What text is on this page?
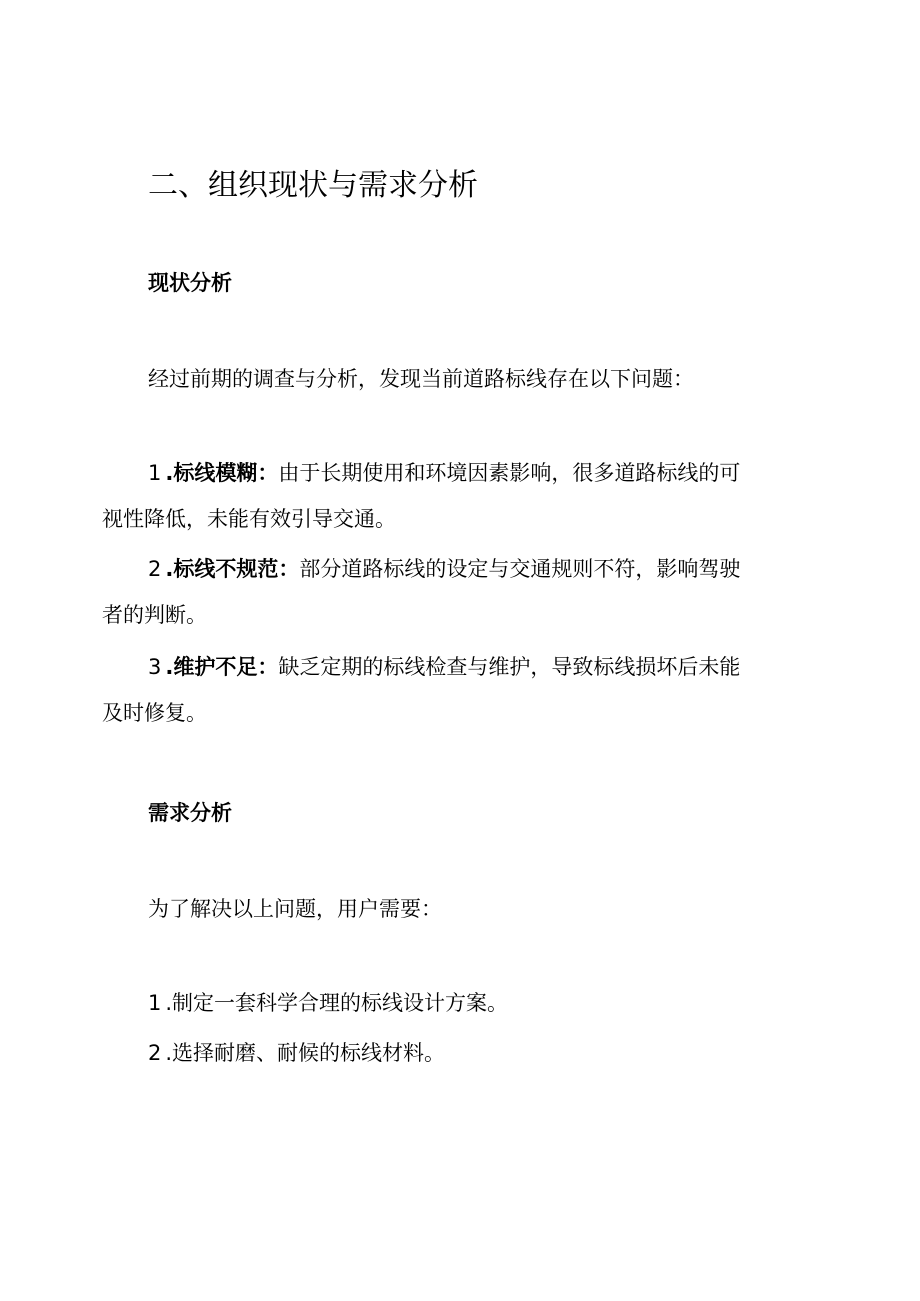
二、组织现状与需求分析
现状分析
经过前期的调查与分析，发现当前道路标线存在以下问题：
1 .标线模糊：由于长期使用和环境因素影响，很多道路标线的可
视性降低，未能有效引导交通。
2 .标线不规范：部分道路标线的设定与交通规则不符，影响驾驶
者的判断。
3 .维护不足：缺乏定期的标线检查与维护，导致标线损坏后未能
及时修复。
需求分析
为了解决以上问题，用户需要：
1 .制定一套科学合理的标线设计方案。
2 .选择耐磨、耐候的标线材料。
